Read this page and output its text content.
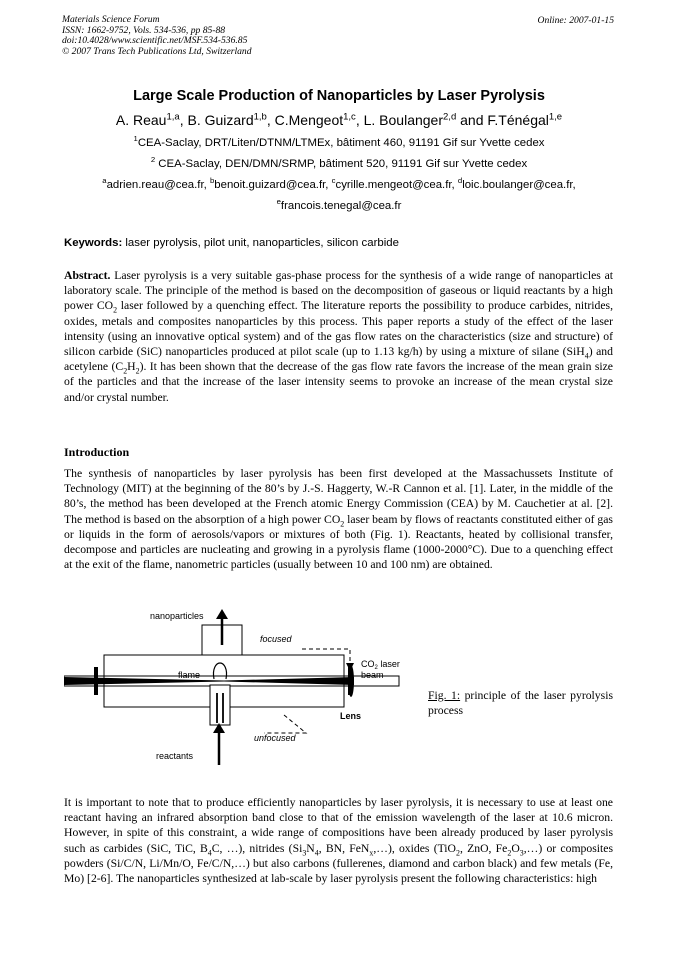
Materials Science Forum
ISSN: 1662-9752, Vols. 534-536, pp 85-88
doi:10.4028/www.scientific.net/MSF.534-536.85
© 2007 Trans Tech Publications Ltd, Switzerland
Online: 2007-01-15
Large Scale Production of Nanoparticles by Laser Pyrolysis
A. Reau$^{1,a}$, B. Guizard$^{1,b}$, C.Mengeot$^{1,c}$, L. Boulanger$^{2,d}$ and F.Ténégal$^{1,e}$
$^1$CEA-Saclay, DRT/Liten/DTNM/LTMEx, bâtiment 460, 91191 Gif sur Yvette cedex
$^2$ CEA-Saclay, DEN/DMN/SRMP, bâtiment 520, 91191 Gif sur Yvette cedex
$^a$adrien.reau@cea.fr, $^b$benoit.guizard@cea.fr, $^c$cyrille.mengeot@cea.fr, $^d$loic.boulanger@cea.fr,
$^e$francois.tenegal@cea.fr
Keywords: laser pyrolysis, pilot unit, nanoparticles, silicon carbide
Abstract. Laser pyrolysis is a very suitable gas-phase process for the synthesis of a wide range of nanoparticles at laboratory scale. The principle of the method is based on the decomposition of gaseous or liquid reactants by a high power $CO_2$ laser followed by a quenching effect. The literature reports the possibility to produce carbides, nitrides, oxides, metals and composites nanoparticles by this process. This paper reports a study of the effect of the laser intensity (using an innovative optical system) and of the gas flow rates on the characteristics (size and structure) of silicon carbide (SiC) nanoparticles produced at pilot scale (up to 1.13 kg/h) by using a mixture of silane (SiH$_4$) and acetylene $(C_2H_2)$. It has been shown that the decrease of the gas flow rate favors the increase of the mean grain size of the particles and that the increase of the laser intensity seems to provoke an increase of the mean crystal size and/or crystal number.
Introduction
The synthesis of nanoparticles by laser pyrolysis has been first developed at the Massachussets Institute of Technology (MIT) at the beginning of the 80’s by J.-S. Haggerty, W.-R Cannon et al. [1]. Later, in the middle of the 80’s, the method has been developed at the French atomic Energy Commission (CEA) by M. Cauchetier at al. [2]. The method is based on the absorption of a high power $CO_2$ laser beam by flows of reactants constituted either of gas or liquids in the form of aerosols/vapors or mixtures of both (Fig. 1). Reactants, heated by collisional transfer, decompose and particles are nucleating and growing in a pyrolysis flame (1000-2000°C). Due to a quenching effect at the exit of the flame, nanometric particles (usually between 10 and 100 nm) are obtained.
nanoparticles
focused
flame
$CO_2$ laser
beam
Lens
unfocused
reactants
Fig. 1: principle of the laser pyrolysis process
It is important to note that to produce efficiently nanoparticles by laser pyrolysis, it is necessary to use at least one reactant having an infrared absorption band close to that of the emission wavelength of the laser at 10.6 micron. However, in spite of this constraint, a wide range of compositions have been already produced by laser pyrolysis such as carbides (SiC, TiC, $B_4C$, …), nitrides ($Si_3N_4$, BN, FeN$_x$,…), oxides (TiO$_2$, ZnO, $Fe_2O_3,\dots$) or composites powders (Si/C/N, Li/Mn/O, Fe/C/N,…) but also carbons (fullerenes, diamond and carbon black) and few metals (Fe, Mo) [2-6]. The nanoparticles synthesized at lab-scale by laser pyrolysis present the following characteristics: high
